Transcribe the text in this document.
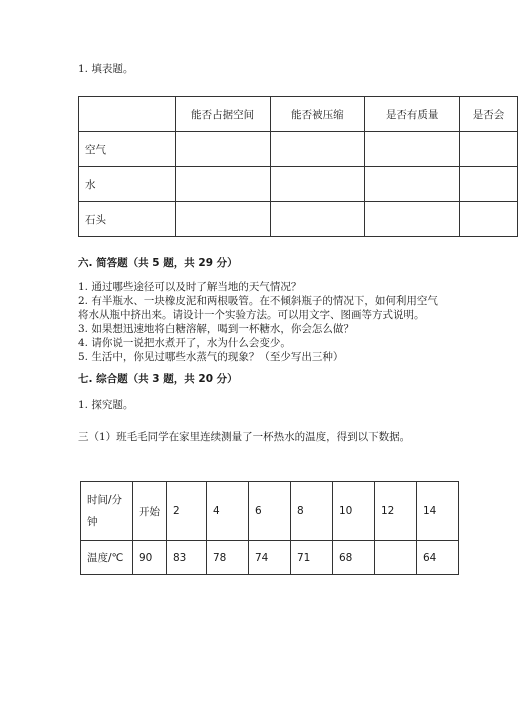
1. 填表题。
	能否占据空间	能否被压缩	是否有质量	是否会
空气				
水				
石头				
六. 简答题（共 5 题，共 29 分）
1. 通过哪些途径可以及时了解当地的天气情况？
2. 有半瓶水、一块橡皮泥和两根吸管。在不倾斜瓶子的情况下，如何利用空气
将水从瓶中挤出来。请设计一个实验方法。可以用文字、图画等方式说明。
3. 如果想迅速地将白糖溶解，喝到一杯糖水，你会怎么做？
4. 请你说一说把水煮开了，水为什么会变少。
5. 生活中，你见过哪些水蒸气的现象？（至少写出三种）
七. 综合题（共 3 题，共 20 分）
1. 探究题。
三（1）班毛毛同学在家里连续测量了一杯热水的温度，得到以下数据。
时间/分钟	开始	2	4	6	8	10	12	14
温度/℃	90	83	78	74	71	68		64
